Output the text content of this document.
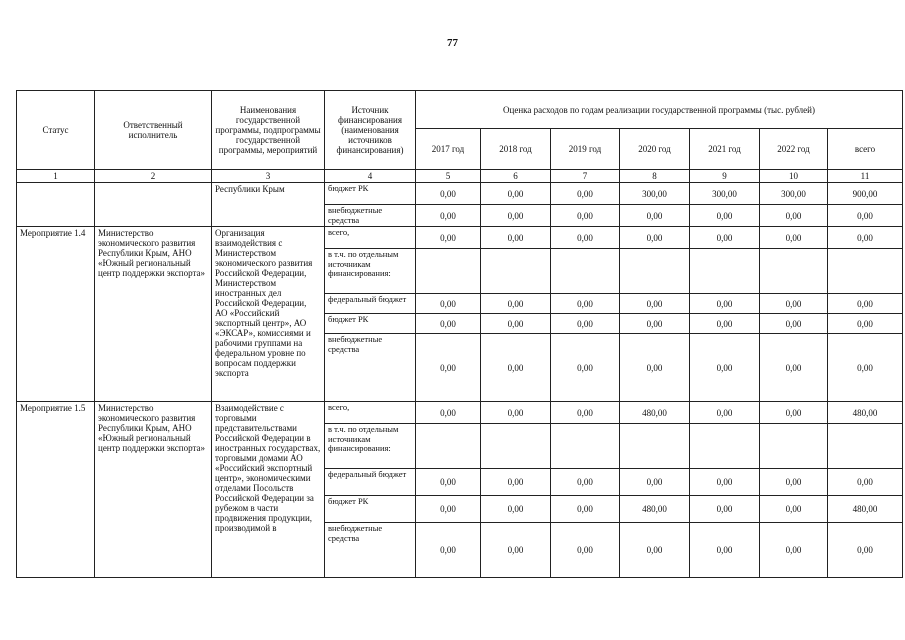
77
Статус	Ответственный исполнитель	Наименования государственной программы, подпрограммы государственной программы, мероприятий	Источник финансирования (наименования источников финансирования)	Оценка расходов по годам реализации государственной программы (тыс. рублей)						
				2017 год	2018 год	2019 год	2020 год	2021 год	2022 год	всего
1	2	3	4	5	6	7	8	9	10	11
		Республики Крым	бюджет РК	0,00	0,00	0,00	300,00	300,00	300,00	900,00
			внебюджетные средства	0,00	0,00	0,00	0,00	0,00	0,00	0,00
Мероприятие 1.4	Министерство экономического развития Республики Крым, АНО «Южный региональный центр поддержки экспорта»	Организация взаимодействия с Министерством экономического развития Российской Федерации, Министерством иностранных дел Российской Федерации, АО «Российский экспортный центр», АО «ЭКСАР», комиссиями и рабочими группами на федеральном уровне по вопросам поддержки экспорта	всего,	0,00	0,00	0,00	0,00	0,00	0,00	0,00
			в т.ч. по отдельным источникам финансирования:							
			федеральный бюджет	0,00	0,00	0,00	0,00	0,00	0,00	0,00
			бюджет РК	0,00	0,00	0,00	0,00	0,00	0,00	0,00
			внебюджетные средства	0,00	0,00	0,00	0,00	0,00	0,00	0,00
Мероприятие 1.5	Министерство экономического развития Республики Крым, АНО «Южный региональный центр поддержки экспорта»	Взаимодействие с торговыми представительствами Российской Федерации в иностранных государствах, торговыми домами АО «Российский экспортный центр», экономическими отделами Посольств Российской Федерации за рубежом в части продвижения продукции, производимой в	всего,	0,00	0,00	0,00	480,00	0,00	0,00	480,00
			в т.ч. по отдельным источникам финансирования:							
			федеральный бюджет	0,00	0,00	0,00	0,00	0,00	0,00	0,00
			бюджет РК	0,00	0,00	0,00	480,00	0,00	0,00	480,00
			внебюджетные средства	0,00	0,00	0,00	0,00	0,00	0,00	0,00
